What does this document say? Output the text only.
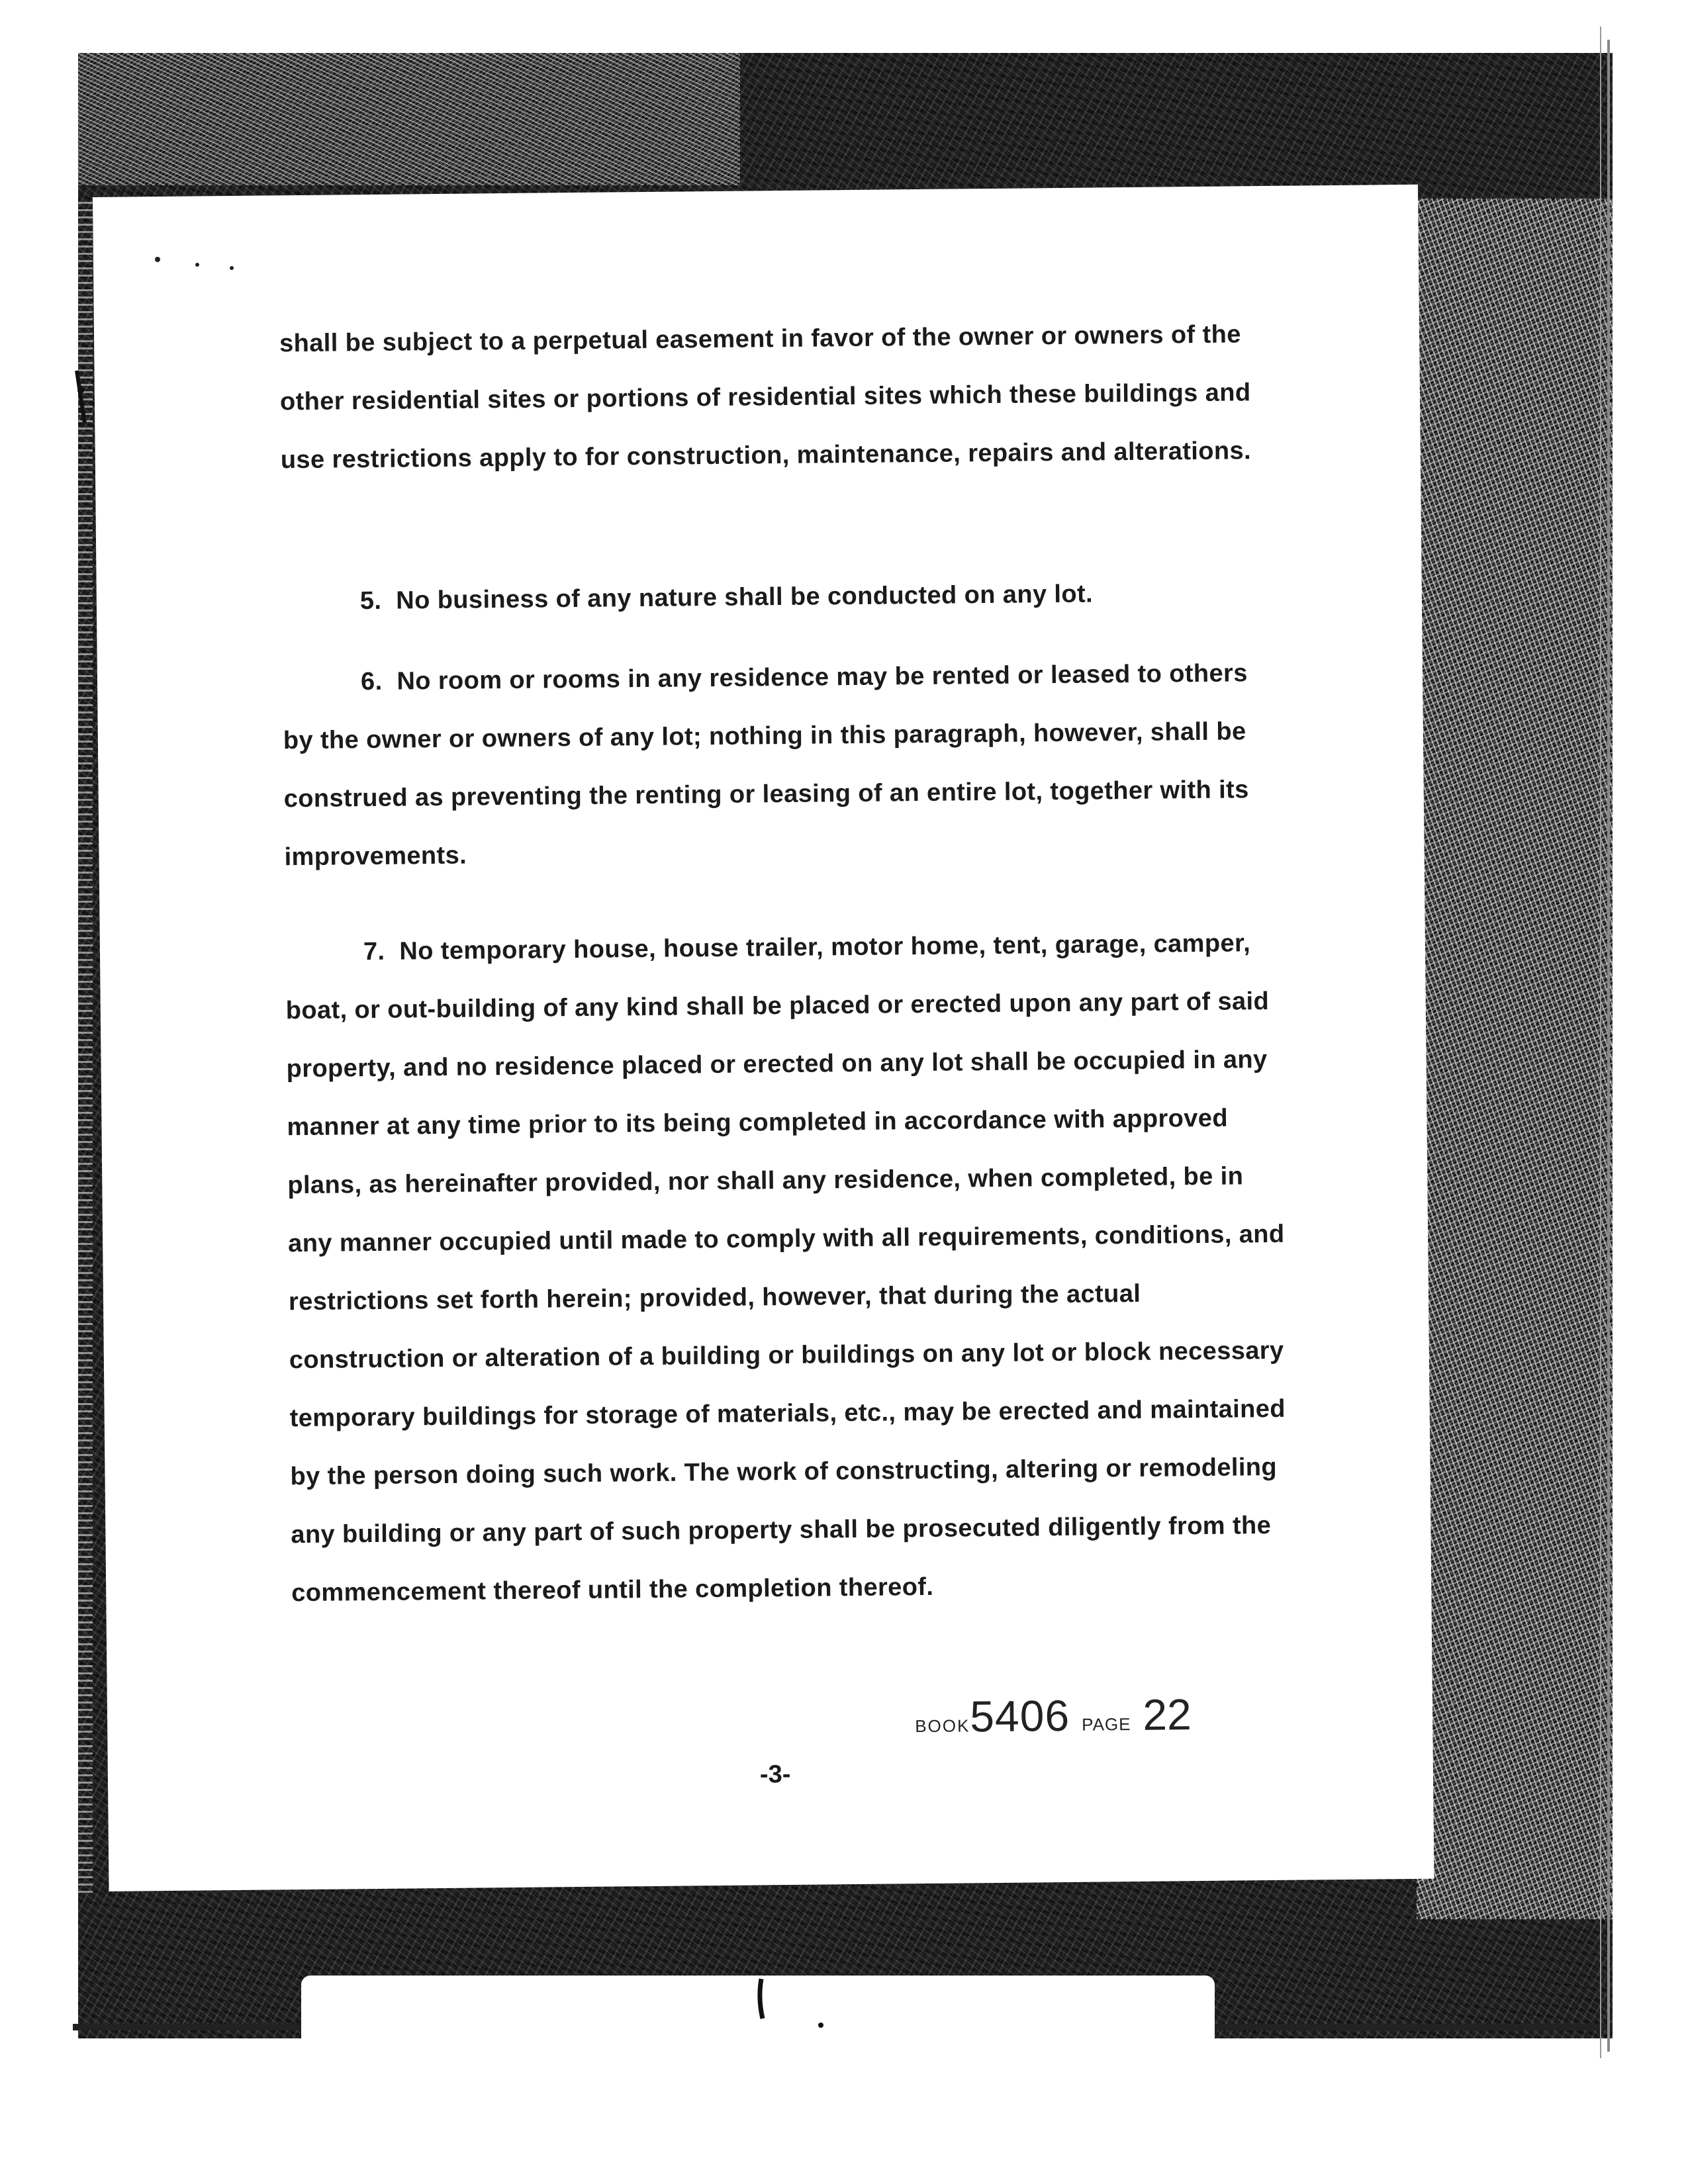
shall be subject to a perpetual easement in favor of the owner or owners of the other residential sites or portions of residential sites which these buildings and use restrictions apply to for construction, maintenance, repairs and alterations.

5. No business of any nature shall be conducted on any lot.

6. No room or rooms in any residence may be rented or leased to others by the owner or owners of any lot; nothing in this paragraph, however, shall be construed as preventing the renting or leasing of an entire lot, together with its improvements.

7. No temporary house, house trailer, motor home, tent, garage, camper, boat, or out-building of any kind shall be placed or erected upon any part of said property, and no residence placed or erected on any lot shall be occupied in any manner at any time prior to its being completed in accordance with approved plans, as hereinafter provided, nor shall any residence, when completed, be in any manner occupied until made to comply with all requirements, conditions, and restrictions set forth herein; provided, however, that during the actual construction or alteration of a building or buildings on any lot or block necessary temporary buildings for storage of materials, etc., may be erected and maintained by the person doing such work. The work of constructing, altering or remodeling any building or any part of such property shall be prosecuted diligently from the commencement thereof until the completion thereof.

BOOK5406 PAGE 22
-3-
